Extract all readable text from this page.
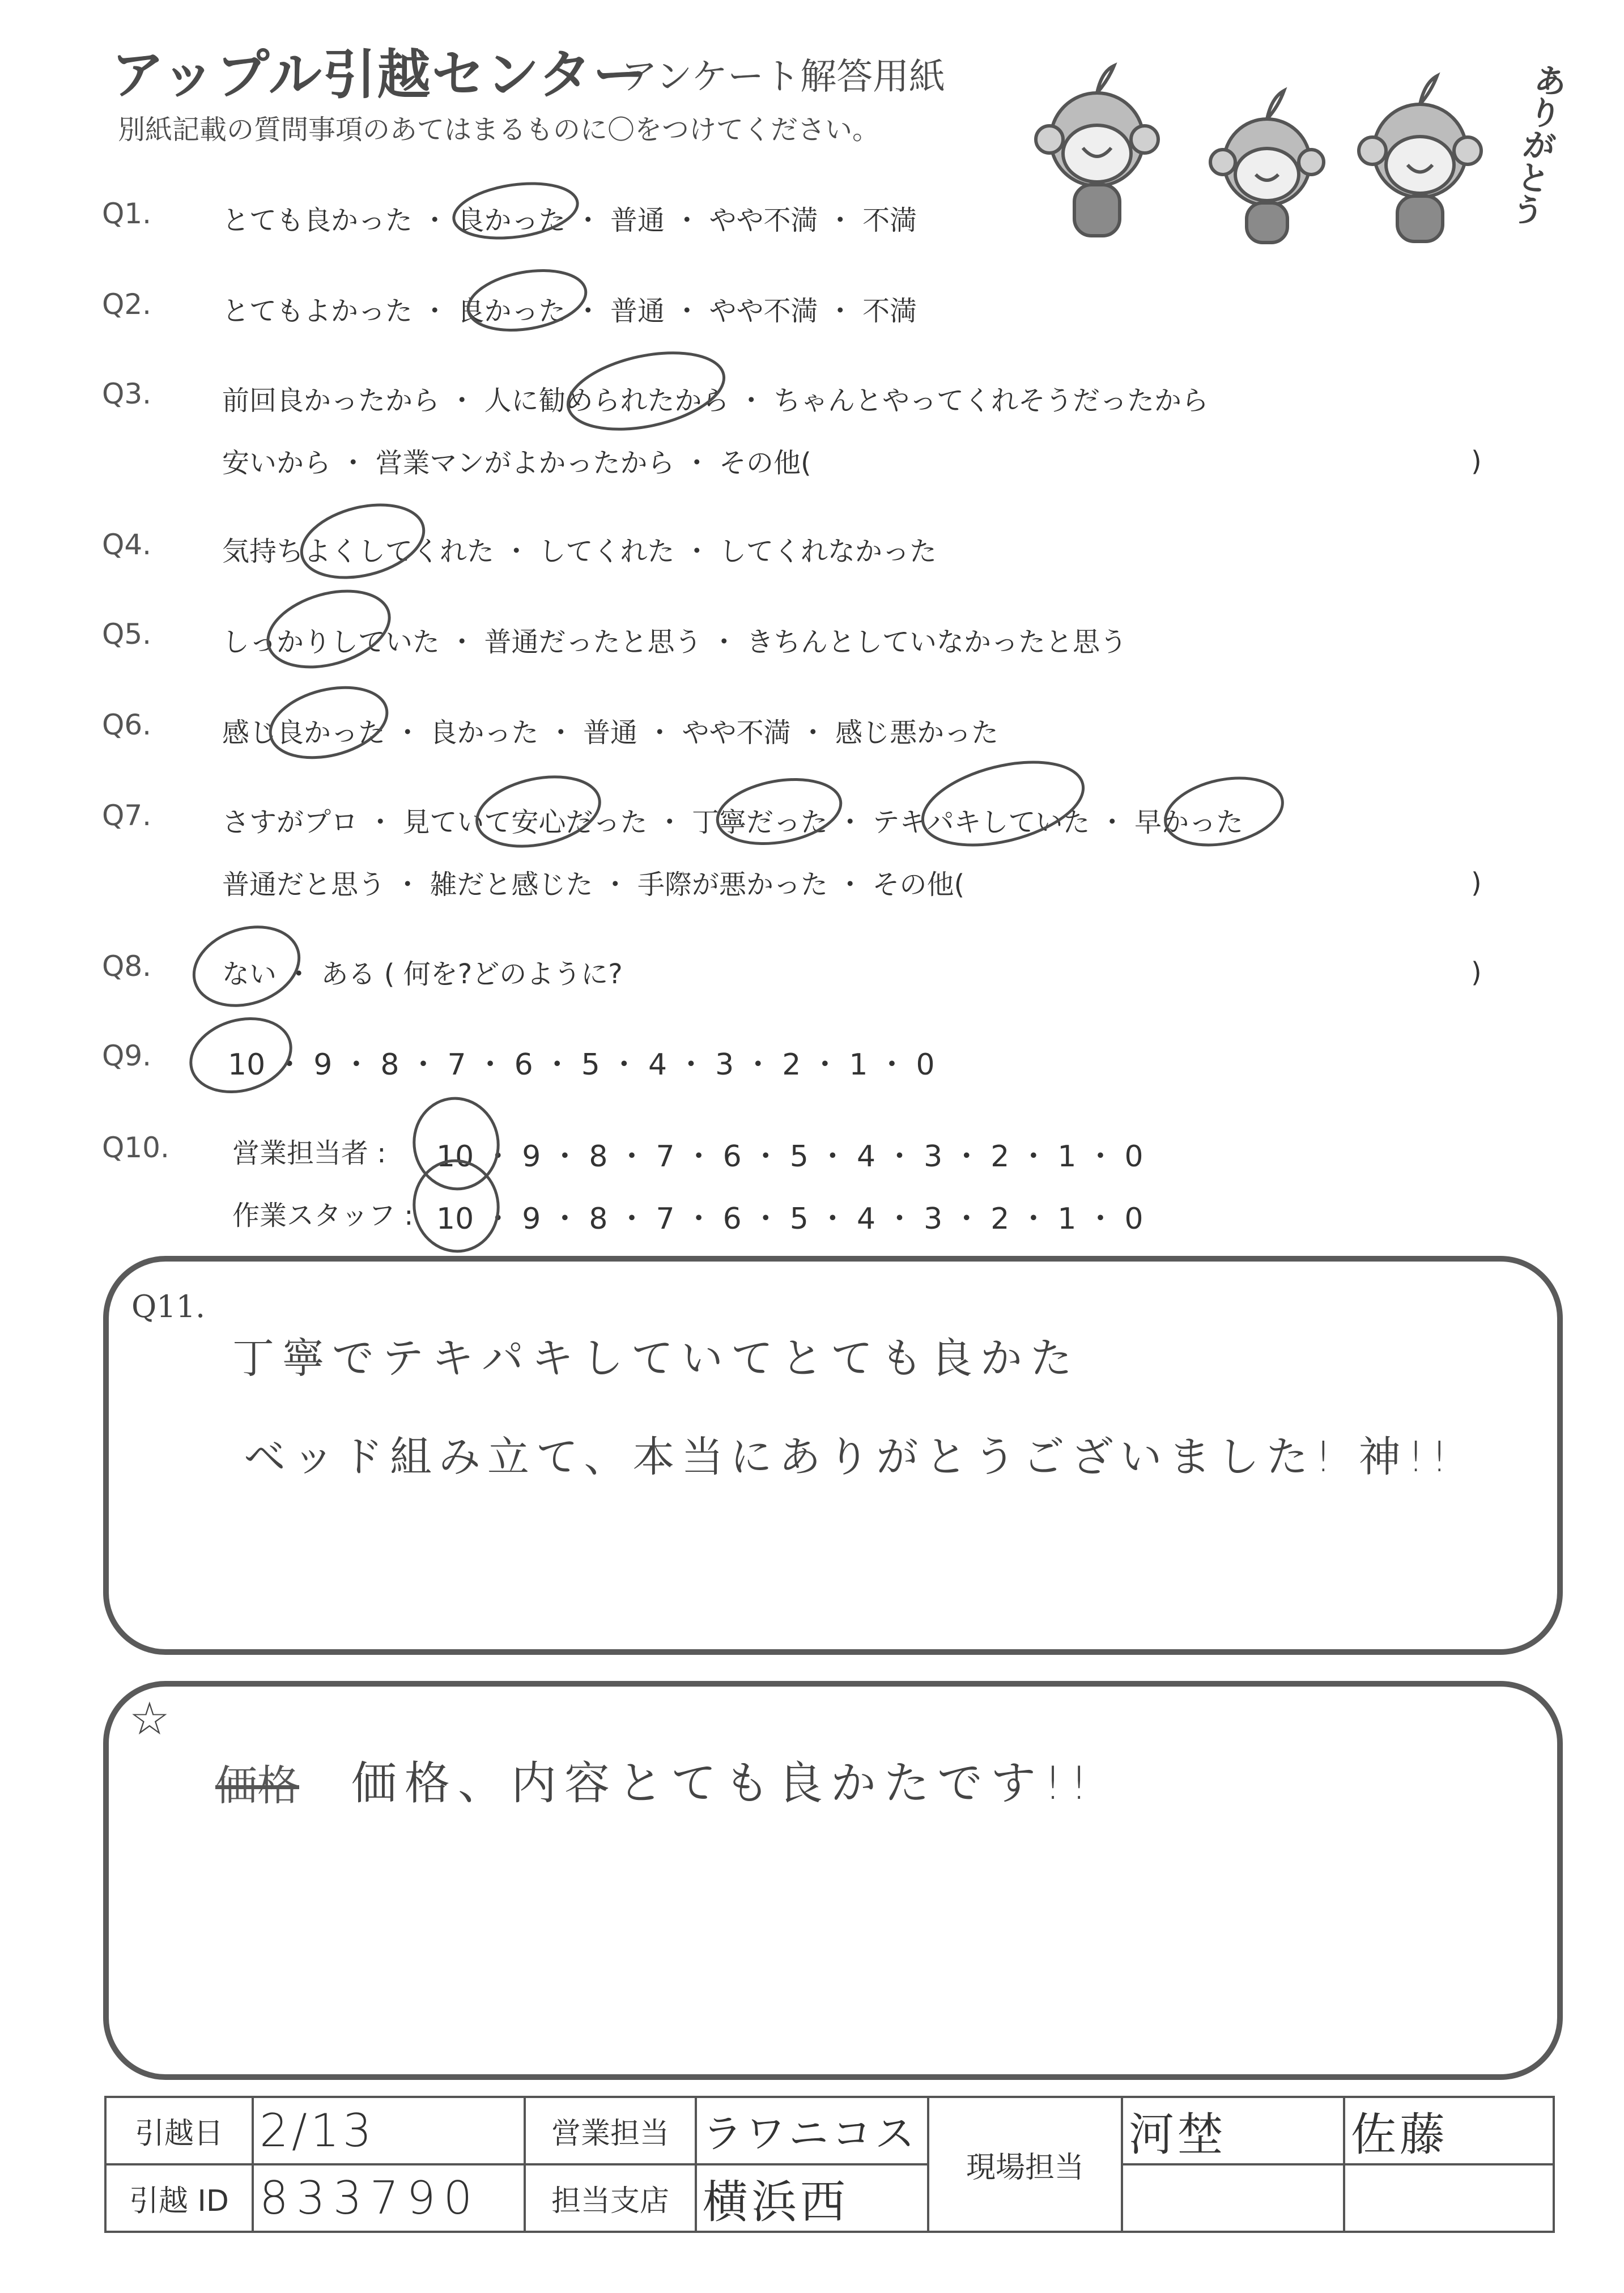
アップル引越センター
アンケート解答用紙
別紙記載の質問事項のあてはまるものに〇をつけてください。	ありがとう
Q1.	とても良かった ・ 良かった ・ 普通 ・ やや不満 ・ 不満
Q2.	とてもよかった ・ 良かった ・ 普通 ・ やや不満 ・ 不満
Q3.	前回良かったから ・ 人に勧められたから ・ ちゃんとやってくれそうだったから
安いから ・ 営業マンがよかったから ・ その他(	)
Q4.	気持ちよくしてくれた ・ してくれた ・ してくれなかった
Q5.	しっかりしていた ・ 普通だったと思う ・ きちんとしていなかったと思う
Q6.	感じ良かった ・ 良かった ・ 普通 ・ やや不満 ・ 感じ悪かった
Q7.	さすがプロ ・ 見ていて安心だった ・ 丁寧だった ・ テキパキしていた ・ 早かった
普通だと思う ・ 雑だと感じた ・ 手際が悪かった ・ その他(	)
Q8.	ない ・ ある ( 何を?どのように?	)
Q9.	10 ・ 9 ・ 8 ・ 7 ・ 6 ・ 5 ・ 4 ・ 3 ・ 2 ・ 1 ・ 0
Q10. 営業担当者 : 10 ・ 9 ・ 8 ・ 7 ・ 6 ・ 5 ・ 4 ・ 3 ・ 2 ・ 1 ・ 0
作業スタッフ : 10 ・ 9 ・ 8 ・ 7 ・ 6 ・ 5 ・ 4 ・ 3 ・ 2 ・ 1 ・ 0
Q11.
丁寧でテキパキしていてとても良かた
ベッド組み立て、本当にありがとうございました! 神!!
☆
価格 価格、内容とても良かたです!!
引越日	2/13	営業担当	ラワニコス	現場担当	河埜	佐藤
引越 ID	833790	担当支店	横浜西			
